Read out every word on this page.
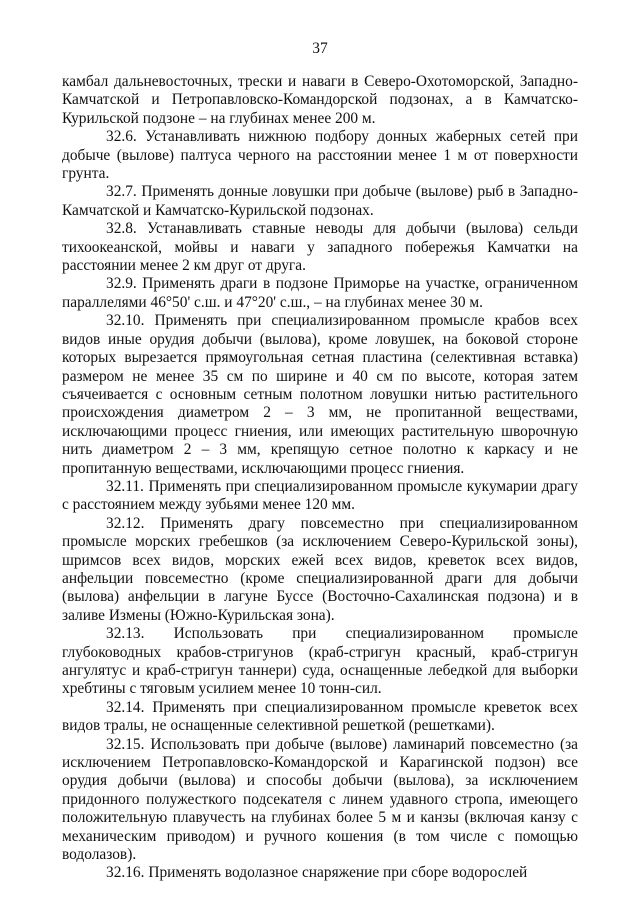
37

камбал дальневосточных, трески и наваги в Северо-Охотоморской, Западно-Камчатской и Петропавловско-Командорской подзонах, а в Камчатско-Курильской подзоне – на глубинах менее 200 м.

32.6. Устанавливать нижнюю подбору донных жаберных сетей при добыче (вылове) палтуса черного на расстоянии менее 1 м от поверхности грунта.

32.7. Применять донные ловушки при добыче (вылове) рыб в Западно-Камчатской и Камчатско-Курильской подзонах.

32.8. Устанавливать ставные неводы для добычи (вылова) сельди тихоокеанской, мойвы и наваги у западного побережья Камчатки на расстоянии менее 2 км друг от друга.

32.9. Применять драги в подзоне Приморье на участке, ограниченном параллелями 46°50' с.ш. и 47°20' с.ш., – на глубинах менее 30 м.

32.10. Применять при специализированном промысле крабов всех видов иные орудия добычи (вылова), кроме ловушек, на боковой стороне которых вырезается прямоугольная сетная пластина (селективная вставка) размером не менее 35 см по ширине и 40 см по высоте, которая затем съячеивается с основным сетным полотном ловушки нитью растительного происхождения диаметром 2 – 3 мм, не пропитанной веществами, исключающими процесс гниения, или имеющих растительную шворочную нить диаметром 2 – 3 мм, крепящую сетное полотно к каркасу и не пропитанную веществами, исключающими процесс гниения.

32.11. Применять при специализированном промысле кукумарии драгу с расстоянием между зубьями менее 120 мм.

32.12. Применять драгу повсеместно при специализированном промысле морских гребешков (за исключением Северо-Курильской зоны), шримсов всех видов, морских ежей всех видов, креветок всех видов, анфельции повсеместно (кроме специализированной драги для добычи (вылова) анфельции в лагуне Буссе (Восточно-Сахалинская подзона) и в заливе Измены (Южно-Курильская зона).

32.13. Использовать при специализированном промысле глубоководных крабов-стригунов (краб-стригун красный, краб-стригун ангулятус и краб-стригун таннери) суда, оснащенные лебедкой для выборки хребтины с тяговым усилием менее 10 тонн-сил.

32.14. Применять при специализированном промысле креветок всех видов тралы, не оснащенные селективной решеткой (решетками).

32.15. Использовать при добыче (вылове) ламинарий повсеместно (за исключением Петропавловско-Командорской и Карагинской подзон) все орудия добычи (вылова) и способы добычи (вылова), за исключением придонного полужесткого подсекателя с линем удавного стропа, имеющего положительную плавучесть на глубинах более 5 м и канзы (включая канзу с механическим приводом) и ручного кошения (в том числе с помощью водолазов).

32.16. Применять водолазное снаряжение при сборе водорослей
